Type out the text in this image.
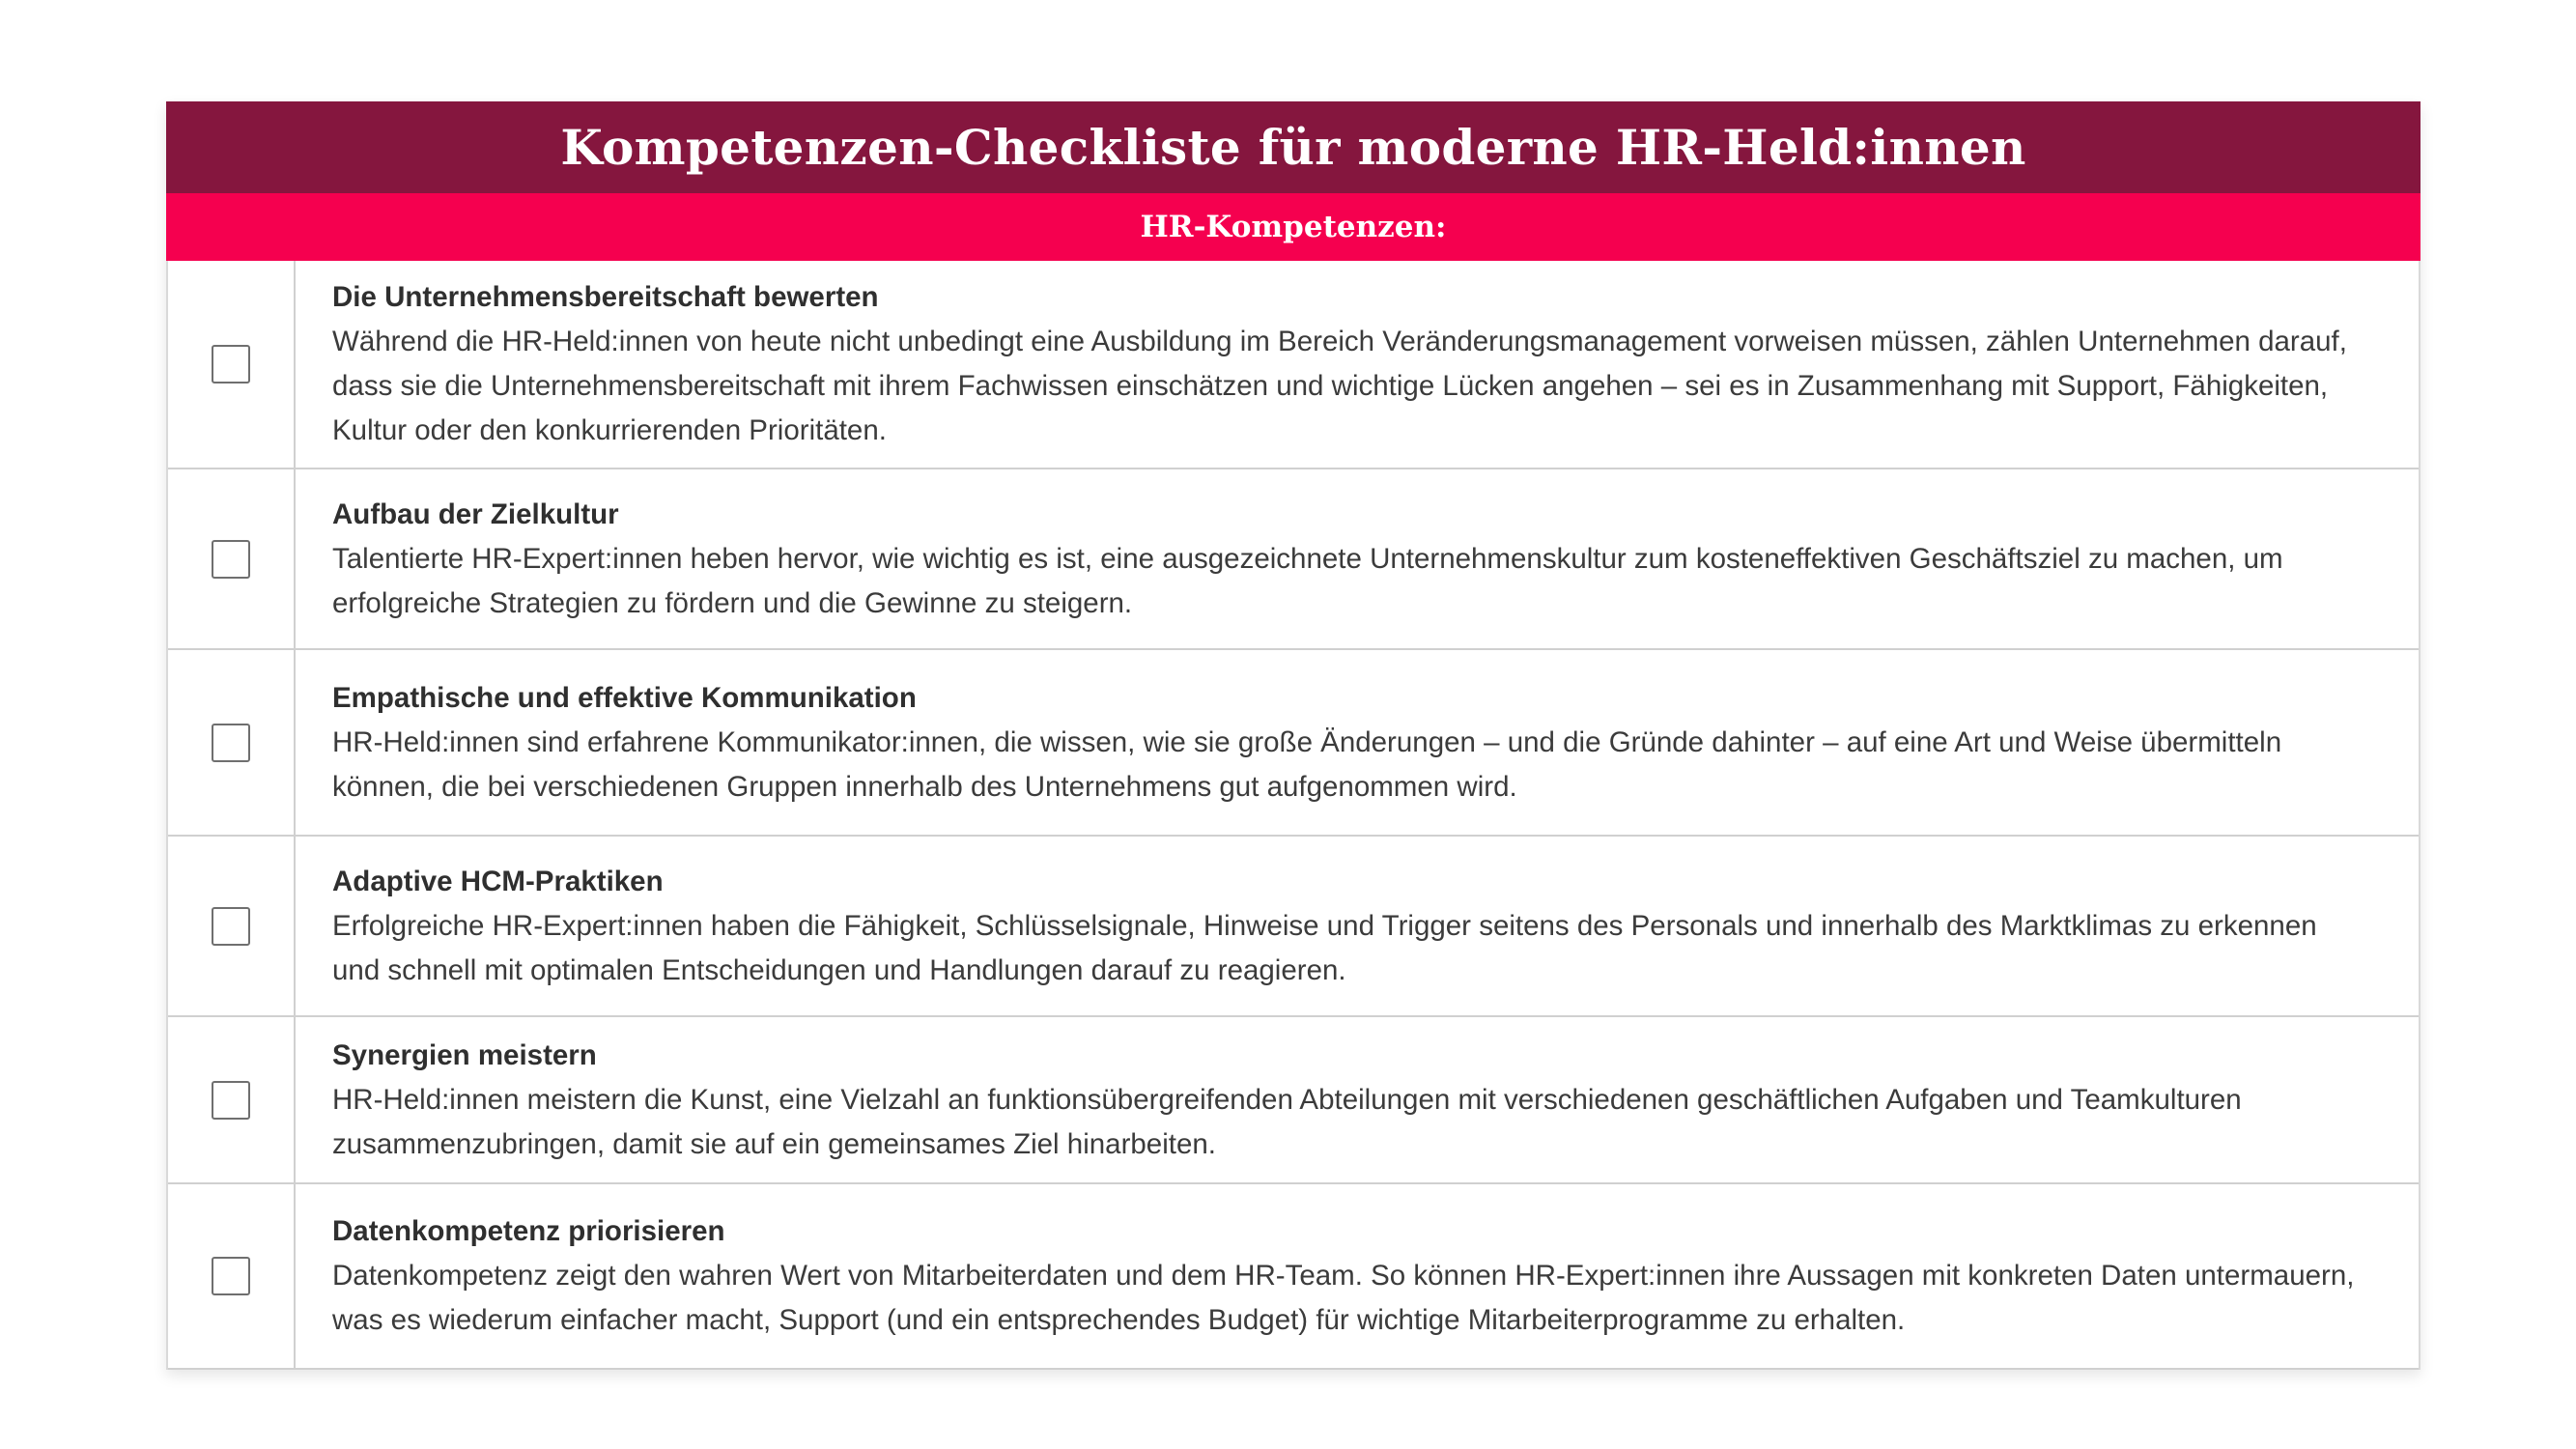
Kompetenzen-Checkliste für moderne HR-Held:innen
HR-Kompetenzen:
Die Unternehmensbereitschaft bewerten
Während die HR-Held:innen von heute nicht unbedingt eine Ausbildung im Bereich Veränderungsmanagement vorweisen müssen, zählen Unternehmen darauf, dass sie die Unternehmensbereitschaft mit ihrem Fachwissen einschätzen und wichtige Lücken angehen – sei es in Zusammenhang mit Support, Fähigkeiten, Kultur oder den konkurrierenden Prioritäten.
Aufbau der Zielkultur
Talentierte HR-Expert:innen heben hervor, wie wichtig es ist, eine ausgezeichnete Unternehmenskultur zum kosteneffektiven Geschäftsziel zu machen, um erfolgreiche Strategien zu fördern und die Gewinne zu steigern.
Empathische und effektive Kommunikation
HR-Held:innen sind erfahrene Kommunikator:innen, die wissen, wie sie große Änderungen – und die Gründe dahinter – auf eine Art und Weise übermitteln können, die bei verschiedenen Gruppen innerhalb des Unternehmens gut aufgenommen wird.
Adaptive HCM-Praktiken
Erfolgreiche HR-Expert:innen haben die Fähigkeit, Schlüsselsignale, Hinweise und Trigger seitens des Personals und innerhalb des Marktklimas zu erkennen und schnell mit optimalen Entscheidungen und Handlungen darauf zu reagieren.
Synergien meistern
HR-Held:innen meistern die Kunst, eine Vielzahl an funktionsübergreifenden Abteilungen mit verschiedenen geschäftlichen Aufgaben und Teamkulturen zusammenzubringen, damit sie auf ein gemeinsames Ziel hinarbeiten.
Datenkompetenz priorisieren
Datenkompetenz zeigt den wahren Wert von Mitarbeiterdaten und dem HR-Team. So können HR-Expert:innen ihre Aussagen mit konkreten Daten untermauern, was es wiederum einfacher macht, Support (und ein entsprechendes Budget) für wichtige Mitarbeiterprogramme zu erhalten.
